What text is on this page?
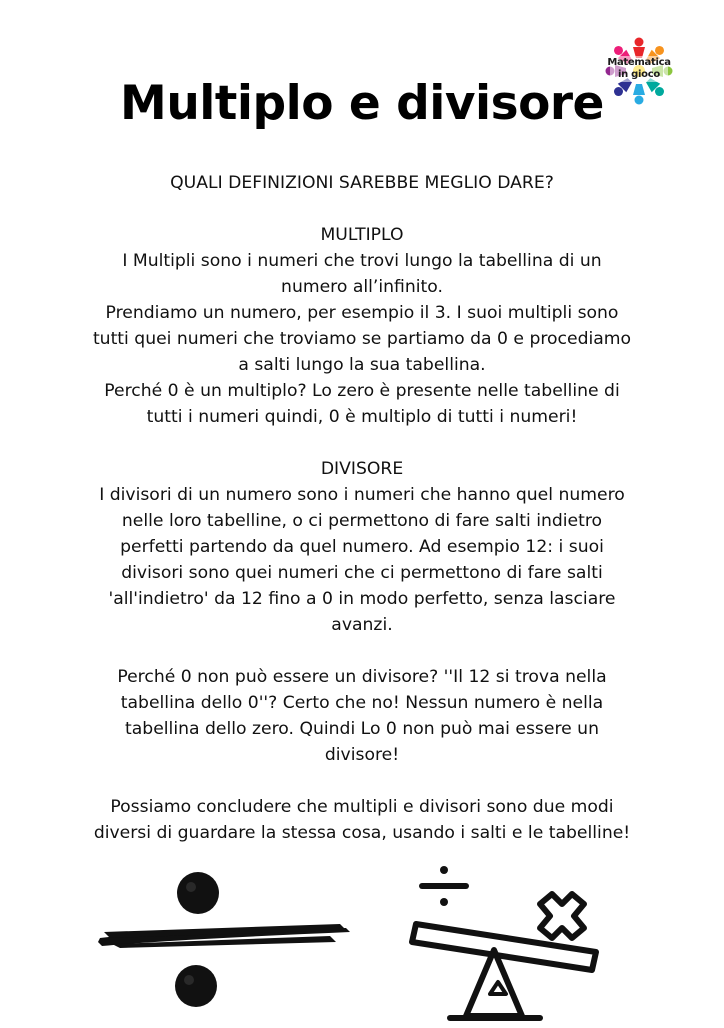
Matematica
in gioco
Multiplo e divisore

QUALI DEFINIZIONI SAREBBE MEGLIO DARE?

MULTIPLO

I Multipli sono i numeri che trovi lungo la tabellina di un

numero all’infinito.

Prendiamo un numero, per esempio il 3. I suoi multipli sono

tutti quei numeri che troviamo se partiamo da 0 e procediamo

a salti lungo la sua tabellina.

Perché 0 è un multiplo? Lo zero è presente nelle tabelline di

tutti i numeri quindi, 0 è multiplo di tutti i numeri!

DIVISORE

I divisori di un numero sono i numeri che hanno quel numero

nelle loro tabelline, o ci permettono di fare salti indietro

perfetti partendo da quel numero. Ad esempio 12: i suoi

divisori sono quei numeri che ci permettono di fare salti

'all'indietro' da 12 fino a 0 in modo perfetto, senza lasciare

avanzi.

Perché 0 non può essere un divisore? ''Il 12 si trova nella

tabellina dello 0''? Certo che no! Nessun numero è nella

tabellina dello zero. Quindi Lo 0 non può mai essere un

divisore!

Possiamo concludere che multipli e divisori sono due modi

diversi di guardare la stessa cosa, usando i salti e le tabelline!
